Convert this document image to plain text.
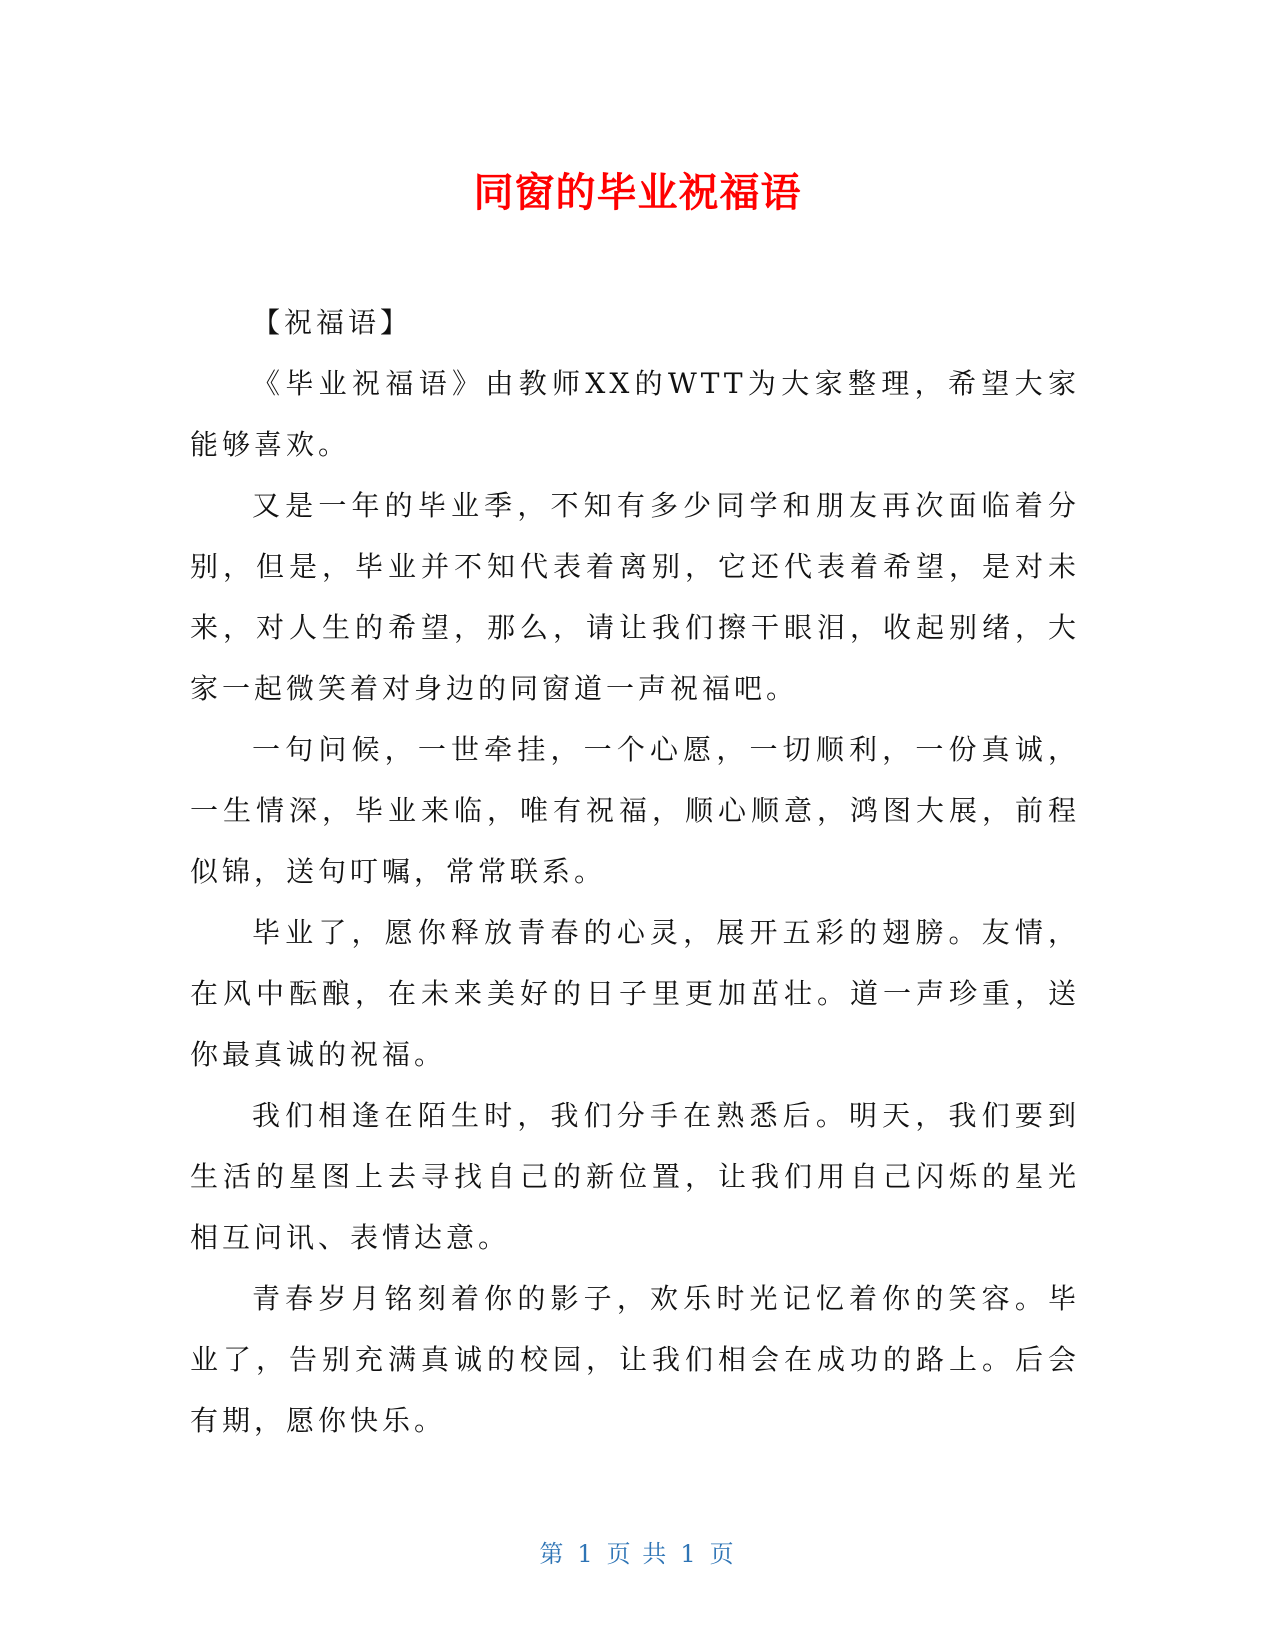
同窗的毕业祝福语

【祝福语】

《毕业祝福语》由教师XX的WTT为大家整理，希望大家能够喜欢。

又是一年的毕业季，不知有多少同学和朋友再次面临着分别，但是，毕业并不知代表着离别，它还代表着希望，是对未来，对人生的希望，那么，请让我们擦干眼泪，收起别绪，大家一起微笑着对身边的同窗道一声祝福吧。

一句问候，一世牵挂，一个心愿，一切顺利，一份真诚，一生情深，毕业来临，唯有祝福，顺心顺意，鸿图大展，前程似锦，送句叮嘱，常常联系。

毕业了，愿你释放青春的心灵，展开五彩的翅膀。友情，在风中酝酿，在未来美好的日子里更加茁壮。道一声珍重，送你最真诚的祝福。

我们相逢在陌生时，我们分手在熟悉后。明天，我们要到生活的星图上去寻找自己的新位置，让我们用自己闪烁的星光相互问讯、表情达意。

青春岁月铭刻着你的影子，欢乐时光记忆着你的笑容。毕业了，告别充满真诚的校园，让我们相会在成功的路上。后会有期，愿你快乐。

第 1 页 共 1 页
